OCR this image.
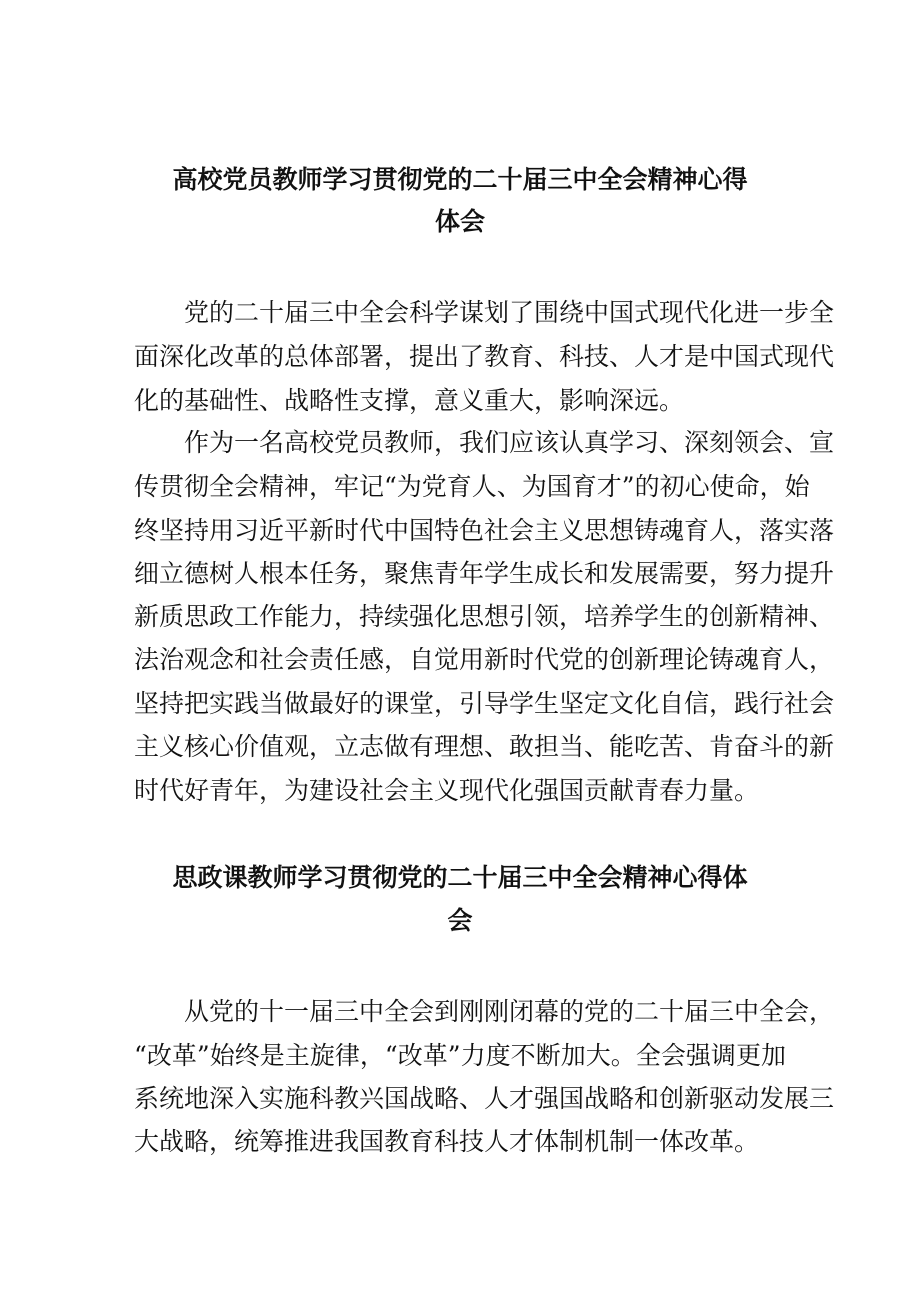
高校党员教师学习贯彻党的二十届三中全会精神心得
体会

党的二十届三中全会科学谋划了围绕中国式现代化进一步全

面深化改革的总体部署，提出了教育、科技、人才是中国式现代

化的基础性、战略性支撑，意义重大，影响深远。

作为一名高校党员教师，我们应该认真学习、深刻领会、宣

传贯彻全会精神，牢记“为党育人、为国育才”的初心使命，始

终坚持用习近平新时代中国特色社会主义思想铸魂育人，落实落

细立德树人根本任务，聚焦青年学生成长和发展需要，努力提升

新质思政工作能力，持续强化思想引领，培养学生的创新精神、

法治观念和社会责任感，自觉用新时代党的创新理论铸魂育人，

坚持把实践当做最好的课堂，引导学生坚定文化自信，践行社会

主义核心价值观，立志做有理想、敢担当、能吃苦、肯奋斗的新

时代好青年，为建设社会主义现代化强国贡献青春力量。

思政课教师学习贯彻党的二十届三中全会精神心得体
会

从党的十一届三中全会到刚刚闭幕的党的二十届三中全会，

“改革”始终是主旋律，“改革”力度不断加大。全会强调更加

系统地深入实施科教兴国战略、人才强国战略和创新驱动发展三

大战略，统筹推进我国教育科技人才体制机制一体改革。
